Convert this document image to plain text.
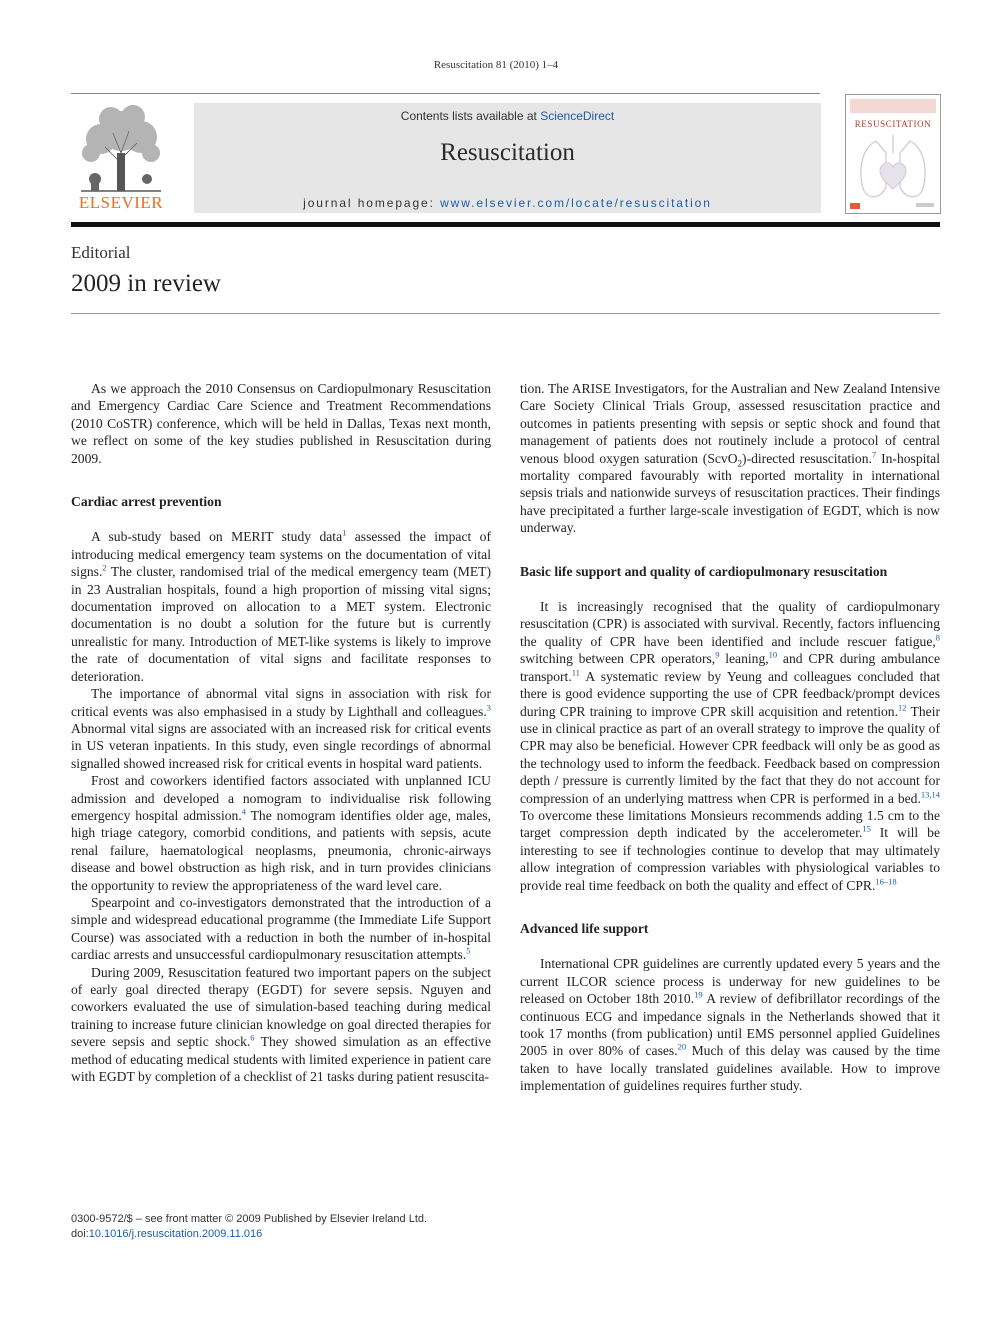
Resuscitation 81 (2010) 1–4
ELSEVIER
Contents lists available at ScienceDirect
Resuscitation
journal homepage: www.elsevier.com/locate/resuscitation
RESUSCITATION
Editorial
2009 in review

As we approach the 2010 Consensus on Cardiopulmonary Resuscitation and Emergency Cardiac Care Science and Treatment Recommendations (2010 CoSTR) conference, which will be held in Dallas, Texas next month, we reflect on some of the key studies published in Resuscitation during 2009.

Cardiac arrest prevention

A sub-study based on MERIT study data$^1$ assessed the impact of introducing medical emergency team systems on the documentation of vital signs.$^2$ The cluster, randomised trial of the medical emergency team (MET) in 23 Australian hospitals, found a high proportion of missing vital signs; documentation improved on allocation to a MET system. Electronic documentation is no doubt a solution for the future but is currently unrealistic for many. Introduction of MET-like systems is likely to improve the rate of documentation of vital signs and facilitate responses to deterioration.

The importance of abnormal vital signs in association with risk for critical events was also emphasised in a study by Lighthall and colleagues.$^3$ Abnormal vital signs are associated with an increased risk for critical events in US veteran inpatients. In this study, even single recordings of abnormal signalled showed increased risk for critical events in hospital ward patients.

Frost and coworkers identified factors associated with unplanned ICU admission and developed a nomogram to individualise risk following emergency hospital admission.$^4$ The nomogram identifies older age, males, high triage category, comorbid conditions, and patients with sepsis, acute renal failure, haematological neoplasms, pneumonia, chronic-airways disease and bowel obstruction as high risk, and in turn provides clinicians the opportunity to review the appropriateness of the ward level care.

Spearpoint and co-investigators demonstrated that the introduction of a simple and widespread educational programme (the Immediate Life Support Course) was associated with a reduction in both the number of in-hospital cardiac arrests and unsuccessful cardiopulmonary resuscitation attempts.$^5$

During 2009, Resuscitation featured two important papers on the subject of early goal directed therapy (EGDT) for severe sepsis. Nguyen and coworkers evaluated the use of simulation-based teaching during medical training to increase future clinician knowledge on goal directed therapies for severe sepsis and septic shock.$^6$ They showed simulation as an effective method of educating medical students with limited experience in patient care with EGDT by completion of a checklist of 21 tasks during patient resuscita-

tion. The ARISE Investigators, for the Australian and New Zealand Intensive Care Society Clinical Trials Group, assessed resuscitation practice and outcomes in patients presenting with sepsis or septic shock and found that management of patients does not routinely include a protocol of central venous blood oxygen saturation (ScvO$_2$)-directed resuscitation.$^7$ In-hospital mortality compared favourably with reported mortality in international sepsis trials and nationwide surveys of resuscitation practices. Their findings have precipitated a further large-scale investigation of EGDT, which is now underway.

Basic life support and quality of cardiopulmonary resuscitation

It is increasingly recognised that the quality of cardiopulmonary resuscitation (CPR) is associated with survival. Recently, factors influencing the quality of CPR have been identified and include rescuer fatigue,$^8$ switching between CPR operators,$^9$ leaning,$^{10}$ and CPR during ambulance transport.$^{11}$ A systematic review by Yeung and colleagues concluded that there is good evidence supporting the use of CPR feedback/prompt devices during CPR training to improve CPR skill acquisition and retention.$^{12}$ Their use in clinical practice as part of an overall strategy to improve the quality of CPR may also be beneficial. However CPR feedback will only be as good as the technology used to inform the feedback. Feedback based on compression depth / pressure is currently limited by the fact that they do not account for compression of an underlying mattress when CPR is performed in a bed.$^{13,14}$ To overcome these limitations Monsieurs recommends adding 1.5 cm to the target compression depth indicated by the accelerometer.$^{15}$ It will be interesting to see if technologies continue to develop that may ultimately allow integration of compression variables with physiological variables to provide real time feedback on both the quality and effect of CPR.$^{16-18}$

Advanced life support

International CPR guidelines are currently updated every 5 years and the current ILCOR science process is underway for new guidelines to be released on October 18th 2010.19 A review of defibrillator recordings of the continuous ECG and impedance signals in the Netherlands showed that it took 17 months (from publication) until EMS personnel applied Guidelines 2005 in over 80% of cases.$^{20}$ Much of this delay was caused by the time taken to have locally translated guidelines available. How to improve implementation of guidelines requires further study.

0300-9572/$ – see front matter © 2009 Published by Elsevier Ireland Ltd.
doi:10.1016/j.resuscitation.2009.11.016
